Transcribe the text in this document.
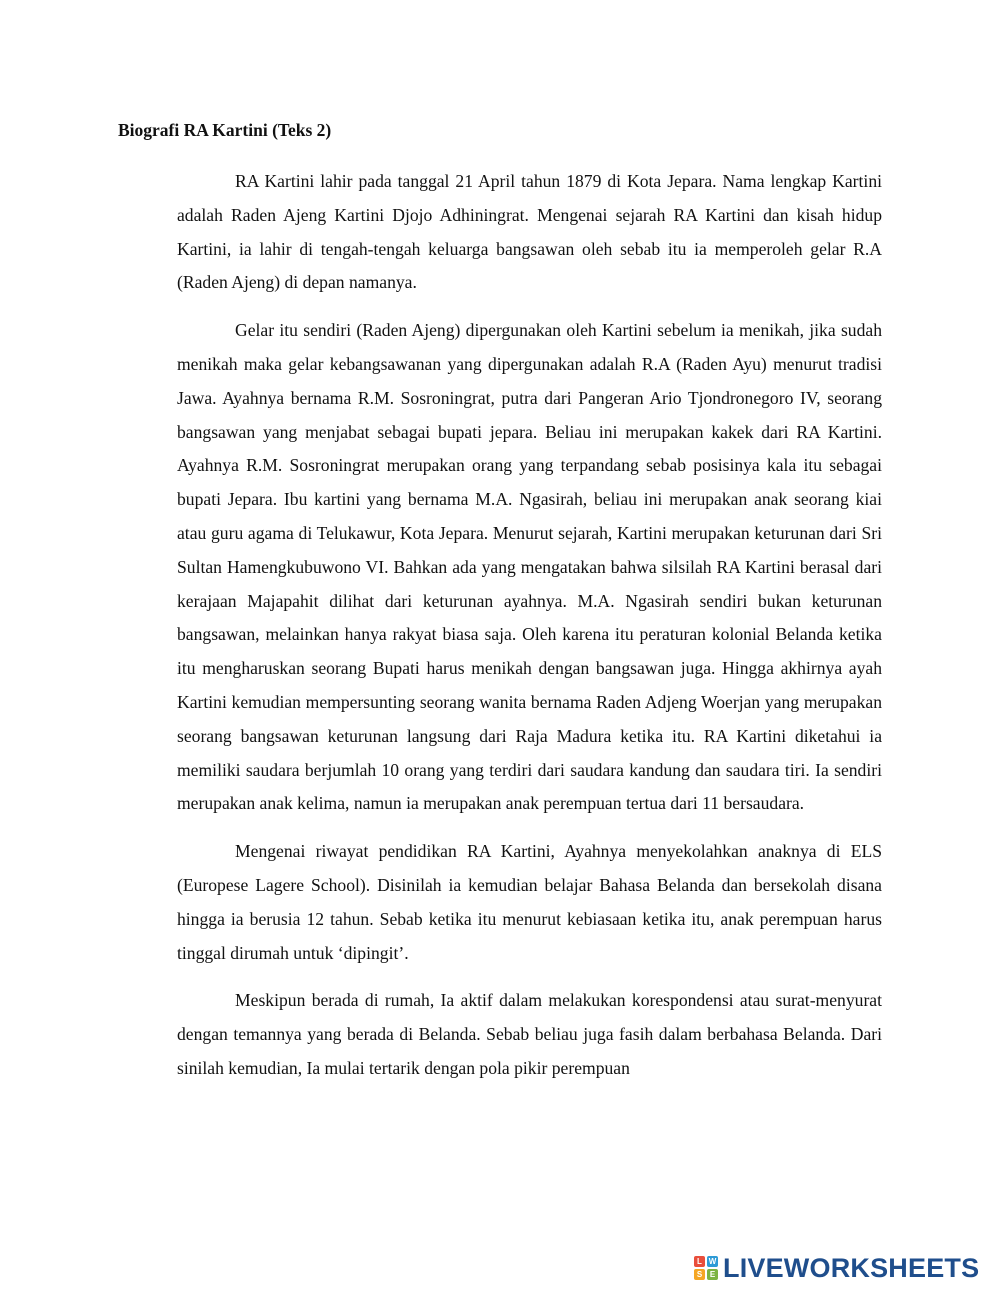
Biografi RA Kartini (Teks 2)

RA Kartini lahir pada tanggal 21 April tahun 1879 di Kota Jepara. Nama lengkap Kartini adalah Raden Ajeng Kartini Djojo Adhiningrat. Mengenai sejarah RA Kartini dan kisah hidup Kartini, ia lahir di tengah-tengah keluarga bangsawan oleh sebab itu ia memperoleh gelar R.A (Raden Ajeng) di depan namanya.

Gelar itu sendiri (Raden Ajeng) dipergunakan oleh Kartini sebelum ia menikah, jika sudah menikah maka gelar kebangsawanan yang dipergunakan adalah R.A (Raden Ayu) menurut tradisi Jawa. Ayahnya bernama R.M. Sosroningrat, putra dari Pangeran Ario Tjondronegoro IV, seorang bangsawan yang menjabat sebagai bupati jepara. Beliau ini merupakan kakek dari RA Kartini. Ayahnya R.M. Sosroningrat merupakan orang yang terpandang sebab posisinya kala itu sebagai bupati Jepara. Ibu kartini yang bernama M.A. Ngasirah, beliau ini merupakan anak seorang kiai atau guru agama di Telukawur, Kota Jepara. Menurut sejarah, Kartini merupakan keturunan dari Sri Sultan Hamengkubuwono VI. Bahkan ada yang mengatakan bahwa silsilah RA Kartini berasal dari kerajaan Majapahit dilihat dari keturunan ayahnya. M.A. Ngasirah sendiri bukan keturunan bangsawan, melainkan hanya rakyat biasa saja. Oleh karena itu peraturan kolonial Belanda ketika itu mengharuskan seorang Bupati harus menikah dengan bangsawan juga. Hingga akhirnya ayah Kartini kemudian mempersunting seorang wanita bernama Raden Adjeng Woerjan yang merupakan seorang bangsawan keturunan langsung dari Raja Madura ketika itu. RA Kartini diketahui ia memiliki saudara berjumlah 10 orang yang terdiri dari saudara kandung dan saudara tiri. Ia sendiri merupakan anak kelima, namun ia merupakan anak perempuan tertua dari 11 bersaudara.

Mengenai riwayat pendidikan RA Kartini, Ayahnya menyekolahkan anaknya di ELS (Europese Lagere School). Disinilah ia kemudian belajar Bahasa Belanda dan bersekolah disana hingga ia berusia 12 tahun. Sebab ketika itu menurut kebiasaan ketika itu, anak perempuan harus tinggal dirumah untuk ‘dipingit’.

Meskipun berada di rumah, Ia aktif dalam melakukan korespondensi atau surat-menyurat dengan temannya yang berada di Belanda. Sebab beliau juga fasih dalam berbahasa Belanda. Dari sinilah kemudian, Ia mulai tertarik dengan pola pikir perempuan

L W
S E LIVEWORKSHEETS
